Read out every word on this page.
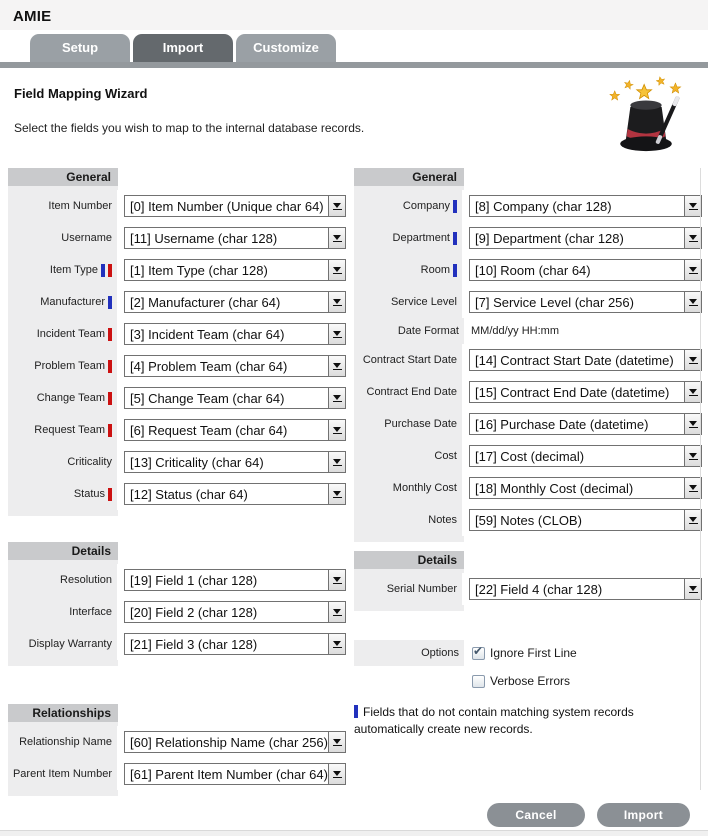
AMIE
Setup	Import	Customize
Field Mapping Wizard
Select the fields you wish to map to the internal database records.
General
Item Number	[0] Item Number (Unique char 64)
Username	[11] Username (char 128)
Item Type	[1] Item Type (char 128)
Manufacturer	[2] Manufacturer (char 64)
Incident Team	[3] Incident Team (char 64)
Problem Team	[4] Problem Team (char 64)
Change Team	[5] Change Team (char 64)
Request Team	[6] Request Team (char 64)
Criticality	[13] Criticality (char 64)
Status	[12] Status (char 64)
Details
Resolution	[19] Field 1 (char 128)
Interface	[20] Field 2 (char 128)
Display Warranty	[21] Field 3 (char 128)
Relationships
Relationship Name	[60] Relationship Name (char 256)
Parent Item Number	[61] Parent Item Number (char 64)
General
Company	[8] Company (char 128)
Department	[9] Department (char 128)
Room	[10] Room (char 64)
Service Level	[7] Service Level (char 256)
Date Format MM/dd/yy HH:mm
Contract Start Date	[14] Contract Start Date (datetime)
Contract End Date	[15] Contract End Date (datetime)
Purchase Date	[16] Purchase Date (datetime)
Cost	[17] Cost (decimal)
Monthly Cost	[18] Monthly Cost (decimal)
Notes	[59] Notes (CLOB)
Details
Serial Number	[22] Field 4 (char 128)
Options	✔ Ignore First Line
Verbose Errors
Fields that do not contain matching system records automatically create new records.
Cancel	Import
